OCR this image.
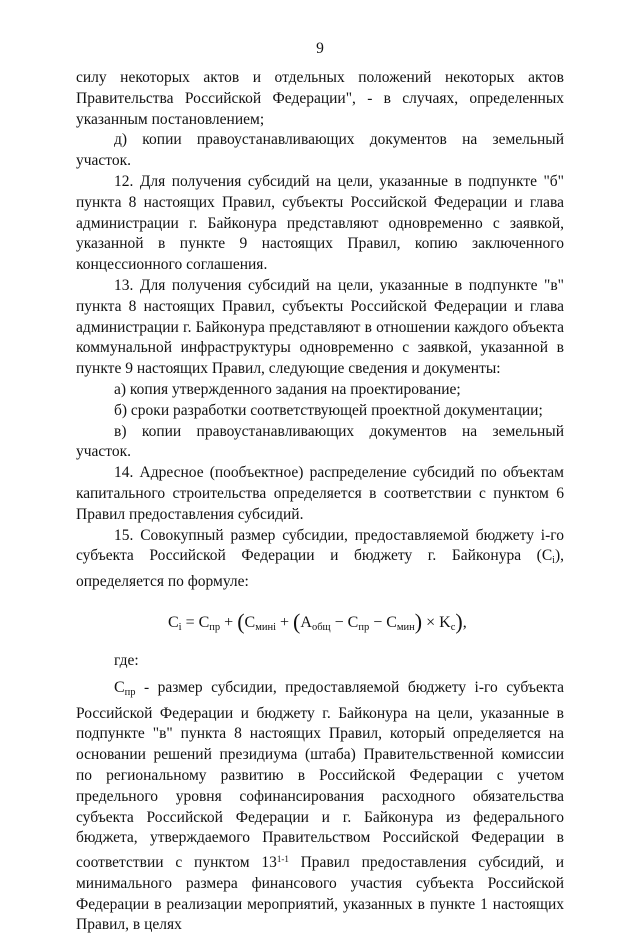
9

силу некоторых актов и отдельных положений некоторых актов Правительства Российской Федерации", - в случаях, определенных указанным постановлением;

д) копии правоустанавливающих документов на земельный участок.

12. Для получения субсидий на цели, указанные в подпункте "б" пункта 8 настоящих Правил, субъекты Российской Федерации и глава администрации г. Байконура представляют одновременно с заявкой, указанной в пункте 9 настоящих Правил, копию заключенного концессионного соглашения.

13. Для получения субсидий на цели, указанные в подпункте "в" пункта 8 настоящих Правил, субъекты Российской Федерации и глава администрации г. Байконура представляют в отношении каждого объекта коммунальной инфраструктуры одновременно с заявкой, указанной в пункте 9 настоящих Правил, следующие сведения и документы:

а) копия утвержденного задания на проектирование;

б) сроки разработки соответствующей проектной документации;

в) копии правоустанавливающих документов на земельный участок.

14. Адресное (пообъектное) распределение субсидий по объектам капитального строительства определяется в соответствии с пунктом 6 Правил предоставления субсидий.

15. Совокупный размер субсидии, предоставляемой бюджету i-го субъекта Российской Федерации и бюджету г. Байконура $(C_i)$, определяется по формуле:

$C_i = C_{пр} + (C_{минi} + (A_{общ} - C_{пр} - C_{мин}) \times K_c)$,

где:

$C_{пр}$ - размер субсидии, предоставляемой бюджету i-го субъекта Российской Федерации и бюджету г. Байконура на цели, указанные в подпункте "в" пункта 8 настоящих Правил, который определяется на основании решений президиума (штаба) Правительственной комиссии по региональному развитию в Российской Федерации с учетом предельного уровня софинансирования расходного обязательства субъекта Российской Федерации и г. Байконура из федерального бюджета, утверждаемого Правительством Российской Федерации в соответствии с пунктом 13$^{1-1}$ Правил предоставления субсидий, и минимального размера финансового участия субъекта Российской Федерации в реализации мероприятий, указанных в пункте 1 настоящих Правил, в целях
